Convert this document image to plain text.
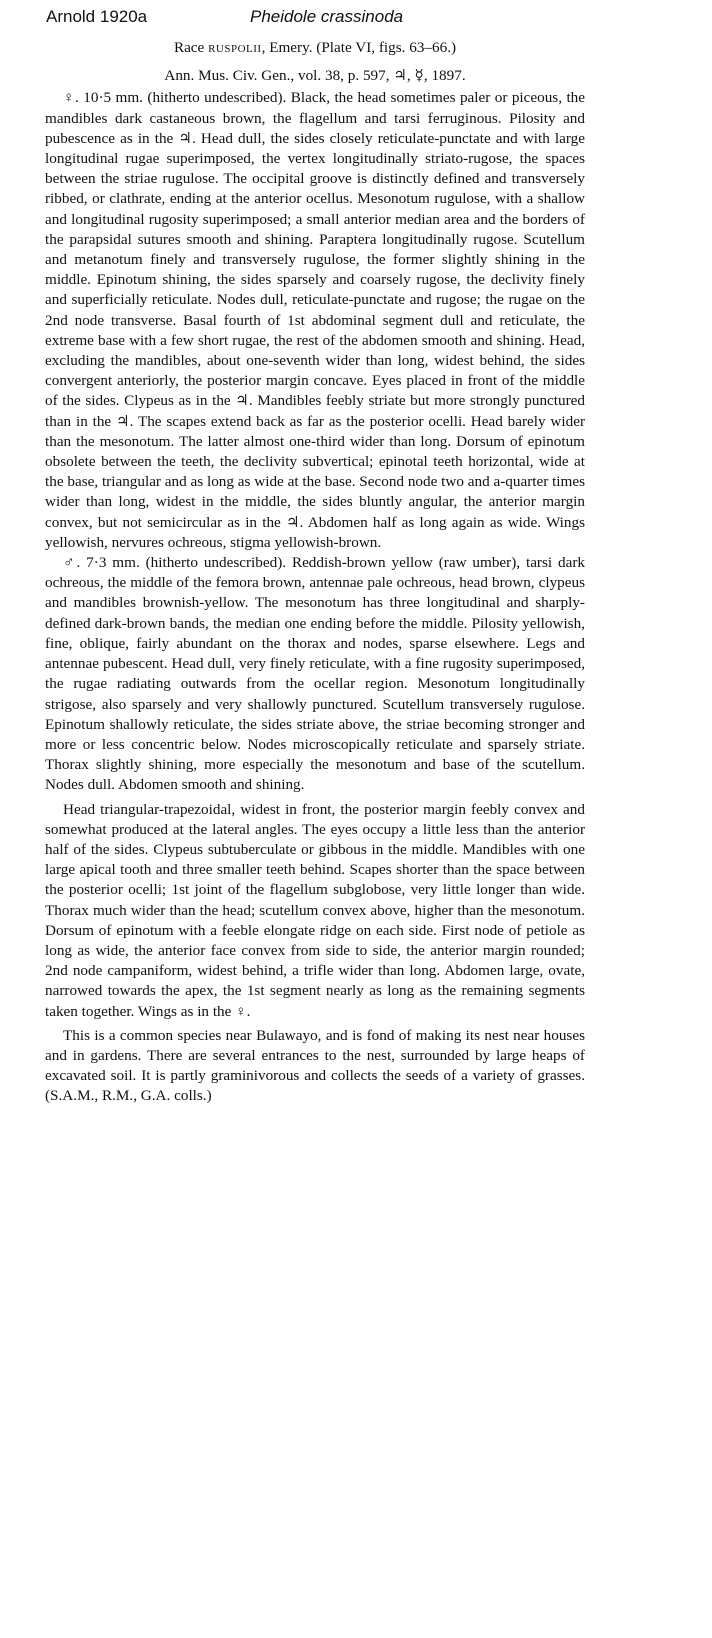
Arnold 1920a	Pheidole crassinoda
Race ruspolii, Emery. (Plate VI, figs. 63–66.)
Ann. Mus. Civ. Gen., vol. 38, p. 597, ♃, ☿, 1897.

♀. 10·5 mm. (hitherto undescribed). Black, the head sometimes paler or piceous, the mandibles dark castaneous brown, the flagellum and tarsi ferruginous. Pilosity and pubescence as in the ♃. Head dull, the sides closely reticulate-punctate and with large longitudinal rugae superimposed, the vertex longitudinally striato-rugose, the spaces between the striae rugulose. The occipital groove is distinctly defined and transversely ribbed, or clathrate, ending at the anterior ocellus. Mesonotum rugulose, with a shallow and longitudinal rugosity superimposed; a small anterior median area and the borders of the parapsidal sutures smooth and shining. Paraptera longitudinally rugose. Scutellum and metanotum finely and transversely rugulose, the former slightly shining in the middle. Epinotum shining, the sides sparsely and coarsely rugose, the declivity finely and superficially reticulate. Nodes dull, reticulate-punctate and rugose; the rugae on the 2nd node transverse. Basal fourth of 1st abdominal segment dull and reticulate, the extreme base with a few short rugae, the rest of the abdomen smooth and shining. Head, excluding the mandibles, about one-seventh wider than long, widest behind, the sides convergent anteriorly, the posterior margin concave. Eyes placed in front of the middle of the sides. Clypeus as in the ♃. Mandibles feebly striate but more strongly punctured than in the ♃. The scapes extend back as far as the posterior ocelli. Head barely wider than the mesonotum. The latter almost one-third wider than long. Dorsum of epinotum obsolete between the teeth, the declivity subvertical; epinotal teeth horizontal, wide at the base, triangular and as long as wide at the base. Second node two and a-quarter times wider than long, widest in the middle, the sides bluntly angular, the anterior margin convex, but not semicircular as in the ♃. Abdomen half as long again as wide. Wings yellowish, nervures ochreous, stigma yellowish-brown.

♂. 7·3 mm. (hitherto undescribed). Reddish-brown yellow (raw umber), tarsi dark ochreous, the middle of the femora brown, antennae pale ochreous, head brown, clypeus and mandibles brownish-yellow. The mesonotum has three longitudinal and sharply-defined dark-brown bands, the median one ending before the middle. Pilosity yellowish, fine, oblique, fairly abundant on the thorax and nodes, sparse elsewhere. Legs and antennae pubescent. Head dull, very finely reticulate, with a fine rugosity superimposed, the rugae radiating outwards from the ocellar region. Mesonotum longitudinally strigose, also sparsely and very shallowly punctured. Scutellum transversely rugulose. Epinotum shallowly reticulate, the sides striate above, the striae becoming stronger and more or less concentric below. Nodes microscopically reticulate and sparsely striate. Thorax slightly shining, more especially the mesonotum and base of the scutellum. Nodes dull. Abdomen smooth and shining.

Head triangular-trapezoidal, widest in front, the posterior margin feebly convex and somewhat produced at the lateral angles. The eyes occupy a little less than the anterior half of the sides. Clypeus subtuberculate or gibbous in the middle. Mandibles with one large apical tooth and three smaller teeth behind. Scapes shorter than the space between the posterior ocelli; 1st joint of the flagellum subglobose, very little longer than wide. Thorax much wider than the head; scutellum convex above, higher than the mesonotum. Dorsum of epinotum with a feeble elongate ridge on each side. First node of petiole as long as wide, the anterior face convex from side to side, the anterior margin rounded; 2nd node campaniform, widest behind, a trifle wider than long. Abdomen large, ovate, narrowed towards the apex, the 1st segment nearly as long as the remaining segments taken together. Wings as in the ♀.

This is a common species near Bulawayo, and is fond of making its nest near houses and in gardens. There are several entrances to the nest, surrounded by large heaps of excavated soil. It is partly graminivorous and collects the seeds of a variety of grasses. (S.A.M., R.M., G.A. colls.)
